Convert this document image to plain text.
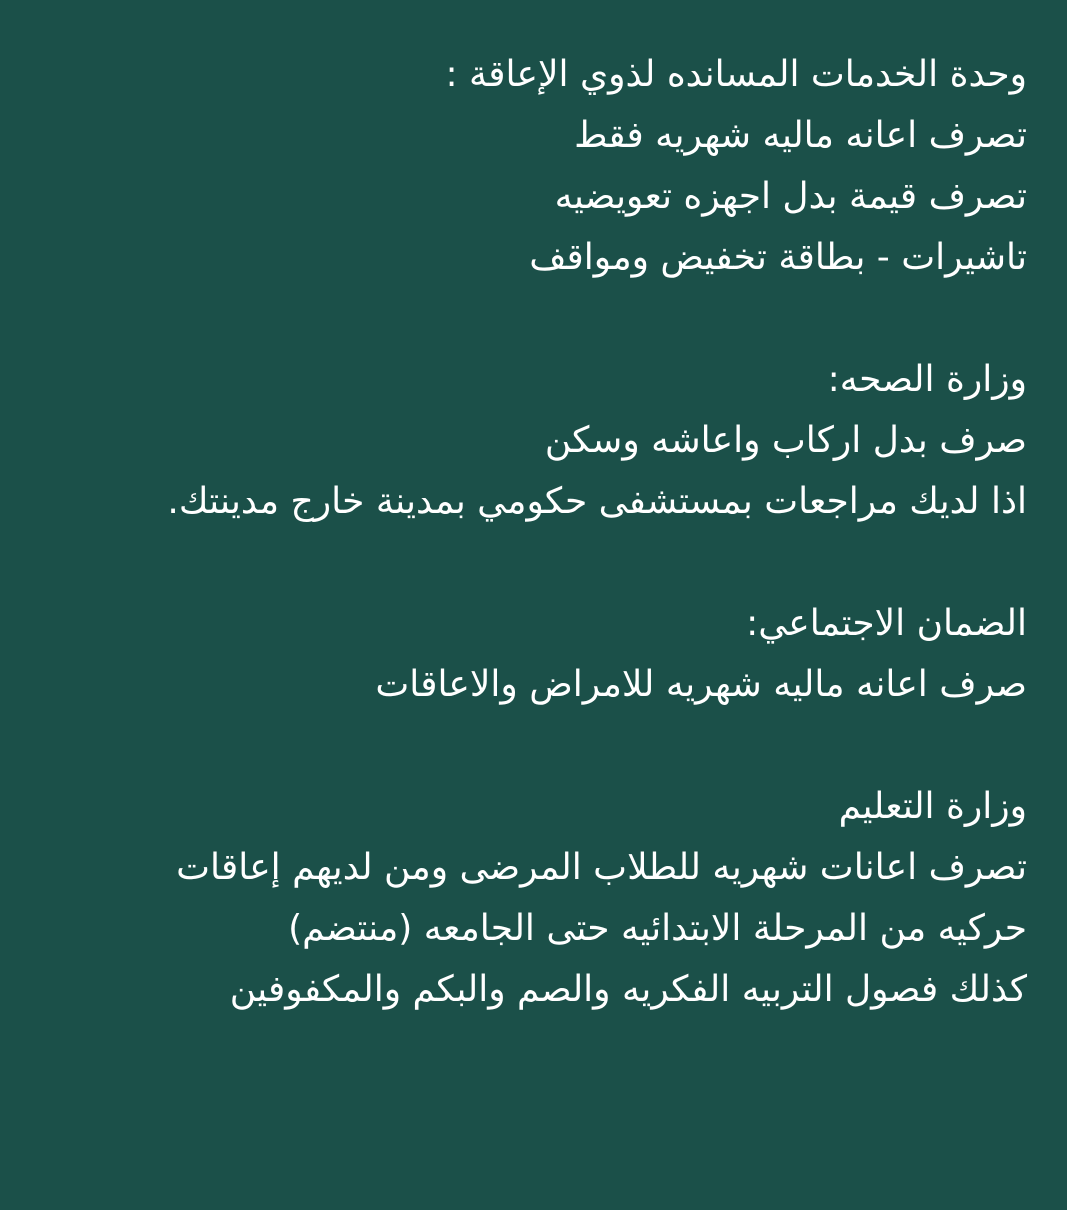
وحدة الخدمات المسانده لذوي الإعاقة :
تصرف اعانه ماليه شهريه فقط
تصرف قيمة بدل اجهزه تعويضيه
تاشيرات - بطاقة تخفيض ومواقف
وزارة الصحه:
صرف بدل اركاب واعاشه وسكن
اذا لديك مراجعات بمستشفى حكومي بمدينة خارج مدينتك.
الضمان الاجتماعي:
صرف اعانه ماليه شهريه للامراض والاعاقات
وزارة التعليم
تصرف اعانات شهريه للطلاب المرضى ومن لديهم إعاقات
حركيه من المرحلة الابتدائيه حتى الجامعه (منتضم)
كذلك فصول التربيه الفكريه والصم والبكم والمكفوفين
